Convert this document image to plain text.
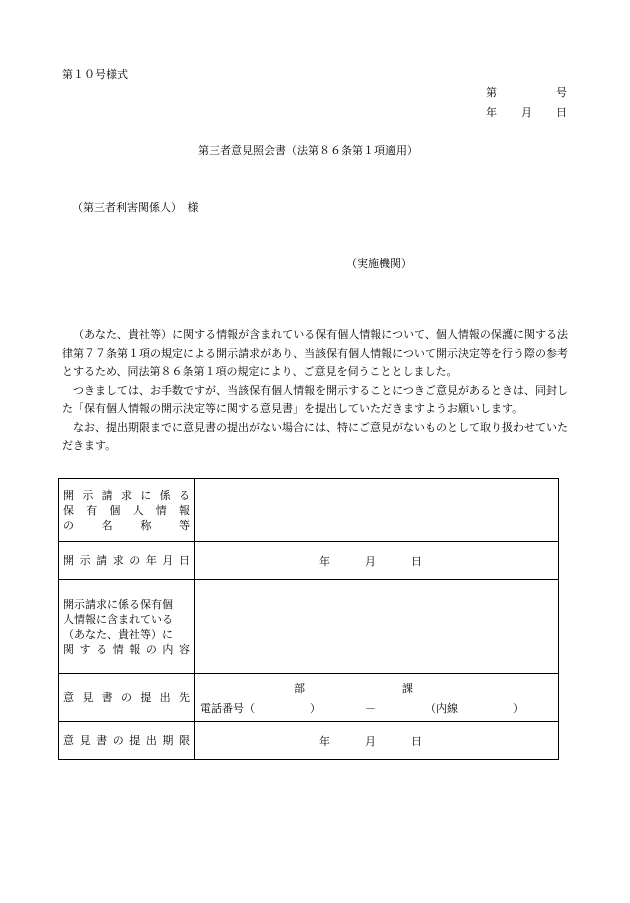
第１０号様式
第	号
年 月 日
第三者意見照会書（法第８６条第１項適用）
（第三者利害関係人）　様
（実施機関）

（あなた、貴社等）に関する情報が含まれている保有個人情報について、個人情報の保護に関する法律第７７条第１項の規定による開示請求があり、当該保有個人情報について開示決定等を行う際の参考とするため、同法第８６条第１項の規定により、ご意見を伺うこととしました。

つきましては、お手数ですが、当該保有個人情報を開示することにつきご意見があるときは、同封した「保有個人情報の開示決定等に関する意見書」を提出していただきますようお願いします。

なお、提出期限までに意見書の提出がない場合には、特にご意見がないものとして取り扱わせていただきます。

開示請求に係る
保有個人情報
の　名　称　等	

開示請求の年月日	年 月 日

開示請求に係る保有個
人情報に含まれている
（あなた、貴社等）に
関する情報の内容	

意見書の提出先	部 課
電話番号（　　　　　） － （内線　　　　　）

意見書の提出期限	年 月 日
